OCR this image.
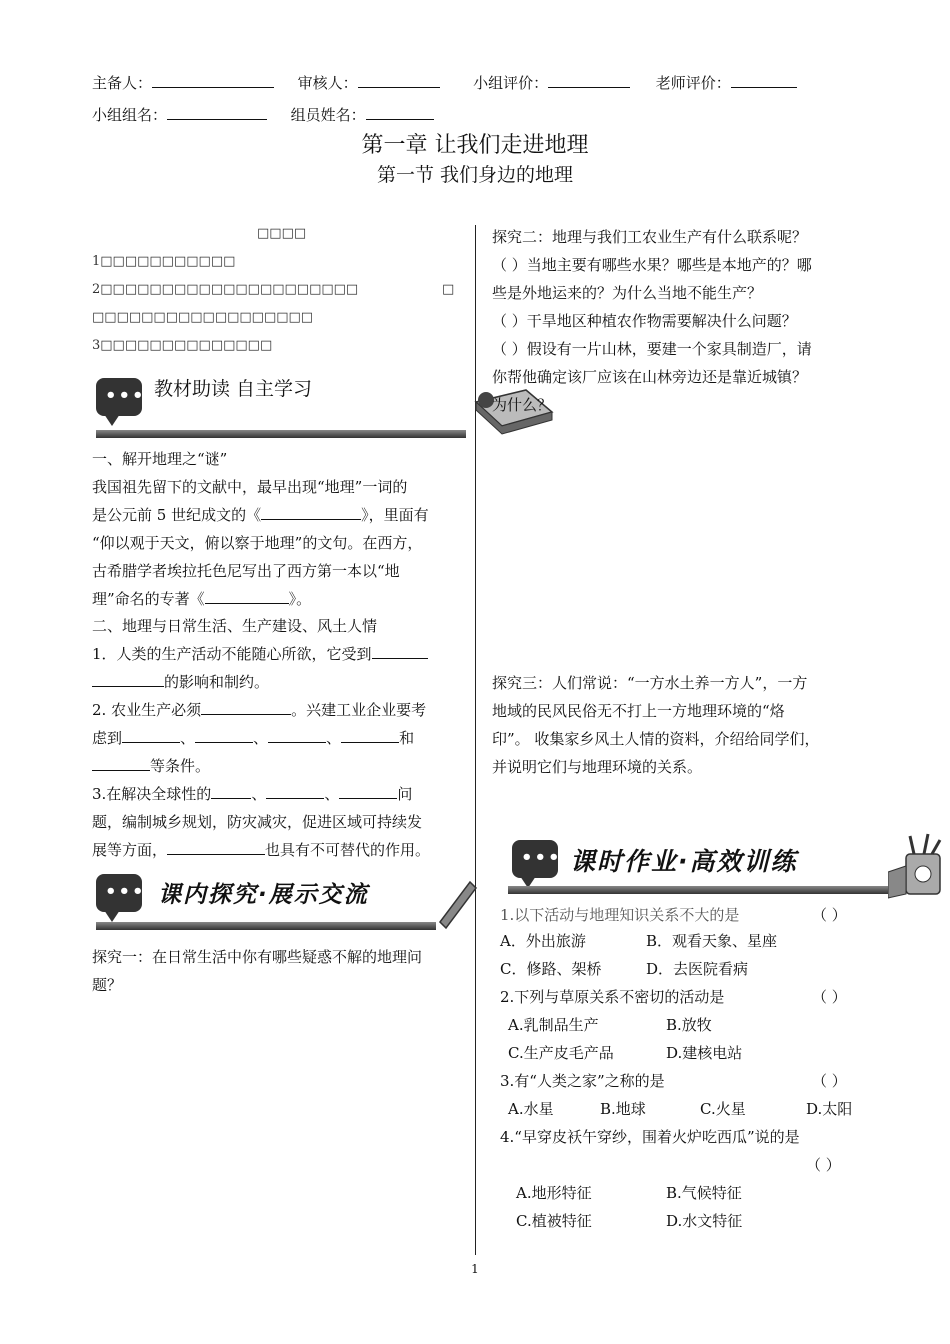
主备人：	审核人：	小组评价：	老师评价：
小组组名：	组员姓名：
第一章 让我们走进地理
第一节 我们身边的地理
□□□□
1□□□□□□□□□□□
2□□□□□□□□□□□□□□□□□□□□□	□
□□□□□□□□□□□□□□□□□□
3□□□□□□□□□□□□□□
••• 教材助读 自主学习
一、解开地理之“谜”
我国祖先留下的文献中，最早出现“地理”一词的
是公元前 5 世纪成文的《	》，里面有
“仰以观于天文，俯以察于地理”的文句。在西方，
古希腊学者埃拉托色尼写出了西方第一本以“地
理”命名的专著《	》。
二、地理与日常生活、生产建设、风土人情
1．人类的生产活动不能随心所欲，它受到
的影响和制约。
2. 农业生产必须	。兴建工业企业要考
虑到	、	、	、	和
等条件。
3.在解决全球性的	、	、	问
题，编制城乡规划，防灾减灾，促进区域可持续发
展等方面，	也具有不可替代的作用。
••• 课内探究·展示交流
探究一：在日常生活中你有哪些疑惑不解的地理问
题？
探究二：地理与我们工农业生产有什么联系呢？
（ ）当地主要有哪些水果？哪些是本地产的？哪
些是外地运来的？为什么当地不能生产？
（ ）干旱地区种植农作物需要解决什么问题？
（ ）假设有一片山林，要建一个家具制造厂，请
你帮他确定该厂应该在山林旁边还是靠近城镇？
为什么？
探究三：人们常说：“一方水土养一方人”，一方
地域的民风民俗无不打上一方地理环境的“烙
印”。 收集家乡风土人情的资料，介绍给同学们，
并说明它们与地理环境的关系。
••• 课时作业·高效训练
1.以下活动与地理知识关系不大的是	（ ）
A．外出旅游	B．观看天象、星座
C．修路、架桥	D．去医院看病
2.下列与草原关系不密切的活动是	（ ）
A.乳制品生产	B.放牧
C.生产皮毛产品	D.建核电站
3.有“人类之家”之称的是	（ ）
A.水星	B.地球	C.火星	D.太阳
4.“早穿皮袄午穿纱，围着火炉吃西瓜”说的是
（ ）
A.地形特征	B.气候特征
C.植被特征	D.水文特征
1
